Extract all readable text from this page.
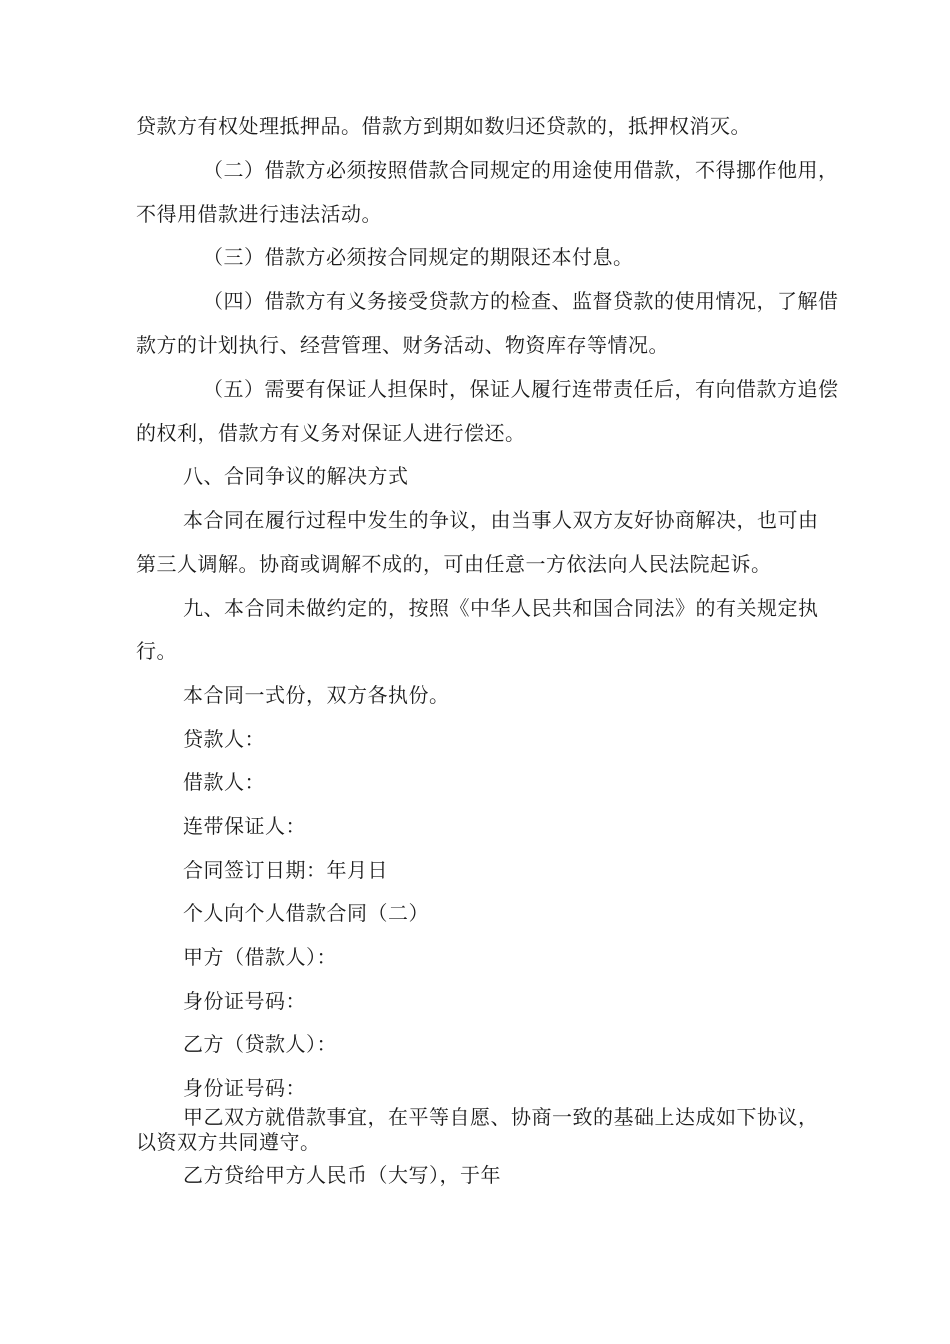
贷款方有权处理抵押品。借款方到期如数归还贷款的，抵押权消灭。
（二）借款方必须按照借款合同规定的用途使用借款，不得挪作他用，
不得用借款进行违法活动。
（三）借款方必须按合同规定的期限还本付息。
（四）借款方有义务接受贷款方的检查、监督贷款的使用情况，了解借
款方的计划执行、经营管理、财务活动、物资库存等情况。
（五）需要有保证人担保时，保证人履行连带责任后，有向借款方追偿
的权利，借款方有义务对保证人进行偿还。
八、合同争议的解决方式
本合同在履行过程中发生的争议，由当事人双方友好协商解决，也可由
第三人调解。协商或调解不成的，可由任意一方依法向人民法院起诉。
九、本合同未做约定的，按照《中华人民共和国合同法》的有关规定执
行。
本合同一式份，双方各执份。
贷款人：
借款人：
连带保证人：
合同签订日期：年月日
个人向个人借款合同（二）
甲方（借款人）：
身份证号码：
乙方（贷款人）：
身份证号码：
甲乙双方就借款事宜，在平等自愿、协商一致的基础上达成如下协议，
以资双方共同遵守。
乙方贷给甲方人民币（大写），于年
